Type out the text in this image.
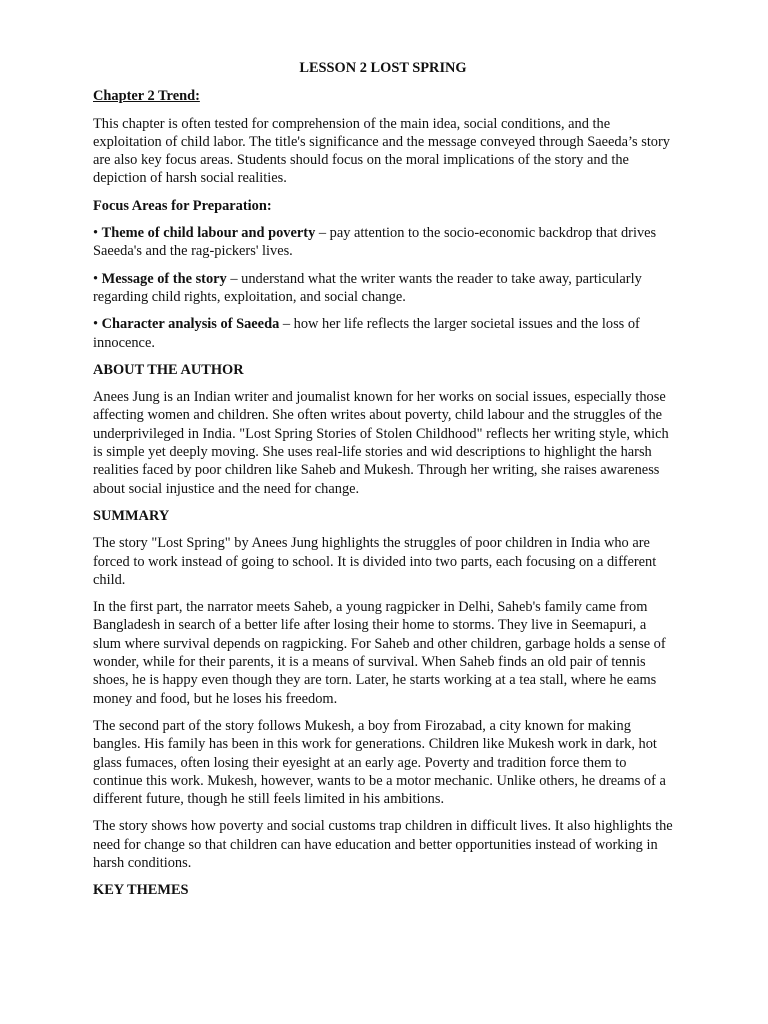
LESSON 2 LOST SPRING
Chapter 2 Trend:

This chapter is often tested for comprehension of the main idea, social conditions, and the exploitation of child labor. The title's significance and the message conveyed through Saeeda’s story are also key focus areas. Students should focus on the moral implications of the story and the depiction of harsh social realities.

Focus Areas for Preparation:

• Theme of child labour and poverty – pay attention to the socio-economic backdrop that drives Saeeda's and the rag-pickers' lives.

• Message of the story – understand what the writer wants the reader to take away, particularly regarding child rights, exploitation, and social change.

• Character analysis of Saeeda – how her life reflects the larger societal issues and the loss of innocence.

ABOUT THE AUTHOR

Anees Jung is an Indian writer and joumalist known for her works on social issues, especially those affecting women and children. She often writes about poverty, child labour and the struggles of the underprivileged in India. "Lost Spring Stories of Stolen Childhood" reflects her writing style, which is simple yet deeply moving. She uses real-life stories and wid descriptions to highlight the harsh realities faced by poor children like Saheb and Mukesh. Through her writing, she raises awareness about social injustice and the need for change.

SUMMARY

The story "Lost Spring" by Anees Jung highlights the struggles of poor children in India who are forced to work instead of going to school. It is divided into two parts, each focusing on a different child.

In the first part, the narrator meets Saheb, a young ragpicker in Delhi, Saheb's family came from Bangladesh in search of a better life after losing their home to storms. They live in Seemapuri, a slum where survival depends on ragpicking. For Saheb and other children, garbage holds a sense of wonder, while for their parents, it is a means of survival. When Saheb finds an old pair of tennis shoes, he is happy even though they are torn. Later, he starts working at a tea stall, where he eams money and food, but he loses his freedom.

The second part of the story follows Mukesh, a boy from Firozabad, a city known for making bangles. His family has been in this work for generations. Children like Mukesh work in dark, hot glass fumaces, often losing their eyesight at an early age. Poverty and tradition force them to continue this work. Mukesh, however, wants to be a motor mechanic. Unlike others, he dreams of a different future, though he still feels limited in his ambitions.

The story shows how poverty and social customs trap children in difficult lives. It also highlights the need for change so that children can have education and better opportunities instead of working in harsh conditions.

KEY THEMES
